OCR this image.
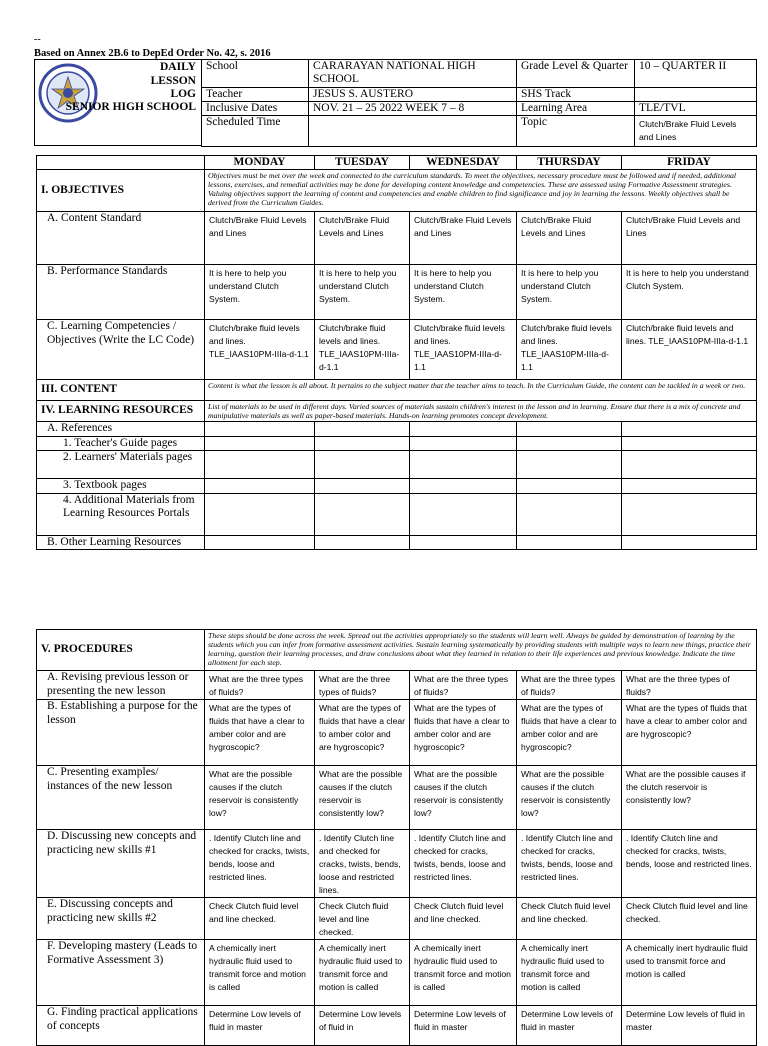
--
Based on Annex 2B.6 to DepEd Order No. 42, s. 2016
DAILY
LESSON
LOG
SENIOR HIGH SCHOOL
School	CARARAYAN NATIONAL HIGH SCHOOL	Grade Level & Quarter	10 – QUARTER II
Teacher	JESUS S. AUSTERO	SHS Track	
Inclusive Dates	NOV. 21 – 25 2022 WEEK 7 – 8	Learning Area	TLE/TVL
Scheduled Time		Topic	Clutch/Brake Fluid Levels and Lines
	MONDAY	TUESDAY	WEDNESDAY	THURSDAY	FRIDAY
I. OBJECTIVES	Objectives must be met over the week and connected to the curriculum standards. To meet the objectives, necessary procedure must be followed and if needed, additional lessons, exercises, and remedial activities may be done for developing content knowledge and competencies. These are assessed using Formative Assessment strategies. Valuing objectives support the learning of content and competencies and enable children to find significance and joy in learning the lessons. Weekly objectives shall be derived from the Curriculum Guides.				
A. Content Standard	Clutch/Brake Fluid Levels and Lines	Clutch/Brake Fluid Levels and Lines	Clutch/Brake Fluid Levels and Lines	Clutch/Brake Fluid Levels and Lines	Clutch/Brake Fluid Levels and Lines
B. Performance Standards	It is here to help you understand Clutch System.	It is here to help you understand Clutch System.	It is here to help you understand Clutch System.	It is here to help you understand Clutch System.	It is here to help you understand Clutch System.
C. Learning Competencies / Objectives (Write the LC Code)	Clutch/brake fluid levels and lines. TLE_IAAS10PM-IIIa-d-1.1	Clutch/brake fluid levels and lines. TLE_IAAS10PM-IIIa-d-1.1	Clutch/brake fluid levels and lines. TLE_IAAS10PM-IIIa-d-1.1	Clutch/brake fluid levels and lines. TLE_IAAS10PM-IIIa-d-1.1	Clutch/brake fluid levels and lines. TLE_IAAS10PM-IIIa-d-1.1
III. CONTENT	Content is what the lesson is all about. It pertains to the subject matter that the teacher aims to teach. In the Curriculum Guide, the content can be tackled in a week or two.				
IV. LEARNING RESOURCES	List of materials to be used in different days. Varied sources of materials sustain children's interest in the lesson and in learning. Ensure that there is a mix of concrete and manipulative materials as well as paper-based materials. Hands-on learning promotes concept development.				
A. References					
1. Teacher's Guide pages					
2. Learners' Materials pages					
3. Textbook pages					
4. Additional Materials from Learning Resources Portals					
B. Other Learning Resources					
V. PROCEDURES	These steps should be done across the week. Spread out the activities appropriately so the students will learn well. Always be guided by demonstration of learning by the students which you can infer from formative assessment activities. Sustain learning systematically by providing students with multiple ways to learn new things, practice their learning, question their learning processes, and draw conclusions about what they learned in relation to their life experiences and previous knowledge. Indicate the time allotment for each step.				
A. Revising previous lesson or presenting the new lesson	What are the three types of fluids?	What are the three types of fluids?	What are the three types of fluids?	What are the three types of fluids?	What are the three types of fluids?
B. Establishing a purpose for the lesson	What are the types of fluids that have a clear to amber color and are hygroscopic?	What are the types of fluids that have a clear to amber color and are hygroscopic?	What are the types of fluids that have a clear to amber color and are hygroscopic?	What are the types of fluids that have a clear to amber color and are hygroscopic?	What are the types of fluids that have a clear to amber color and are hygroscopic?
C. Presenting examples/ instances of the new lesson	What are the possible causes if the clutch reservoir is consistently low?	What are the possible causes if the clutch reservoir is consistently low?	What are the possible causes if the clutch reservoir is consistently low?	What are the possible causes if the clutch reservoir is consistently low?	What are the possible causes if the clutch reservoir is consistently low?
D. Discussing new concepts and practicing new skills #1	. Identify Clutch line and checked for cracks, twists, bends, loose and restricted lines.	. Identify Clutch line and checked for cracks, twists, bends, loose and restricted lines.	. Identify Clutch line and checked for cracks, twists, bends, loose and restricted lines.	. Identify Clutch line and checked for cracks, twists, bends, loose and restricted lines.	. Identify Clutch line and checked for cracks, twists, bends, loose and restricted lines.
E. Discussing concepts and practicing new skills #2	Check Clutch fluid level and line checked.	Check Clutch fluid level and line checked.	Check Clutch fluid level and line checked.	Check Clutch fluid level and line checked.	Check Clutch fluid level and line checked.
F. Developing mastery (Leads to Formative Assessment 3)	A chemically inert hydraulic fluid used to transmit force and motion is called	A chemically inert hydraulic fluid used to transmit force and motion is called	A chemically inert hydraulic fluid used to transmit force and motion is called	A chemically inert hydraulic fluid used to transmit force and motion is called	A chemically inert hydraulic fluid used to transmit force and motion is called
G. Finding practical applications of concepts	Determine Low levels of fluid in master	Determine Low levels of fluid in	Determine Low levels of fluid in master	Determine Low levels of fluid in master	Determine Low levels of fluid in master
